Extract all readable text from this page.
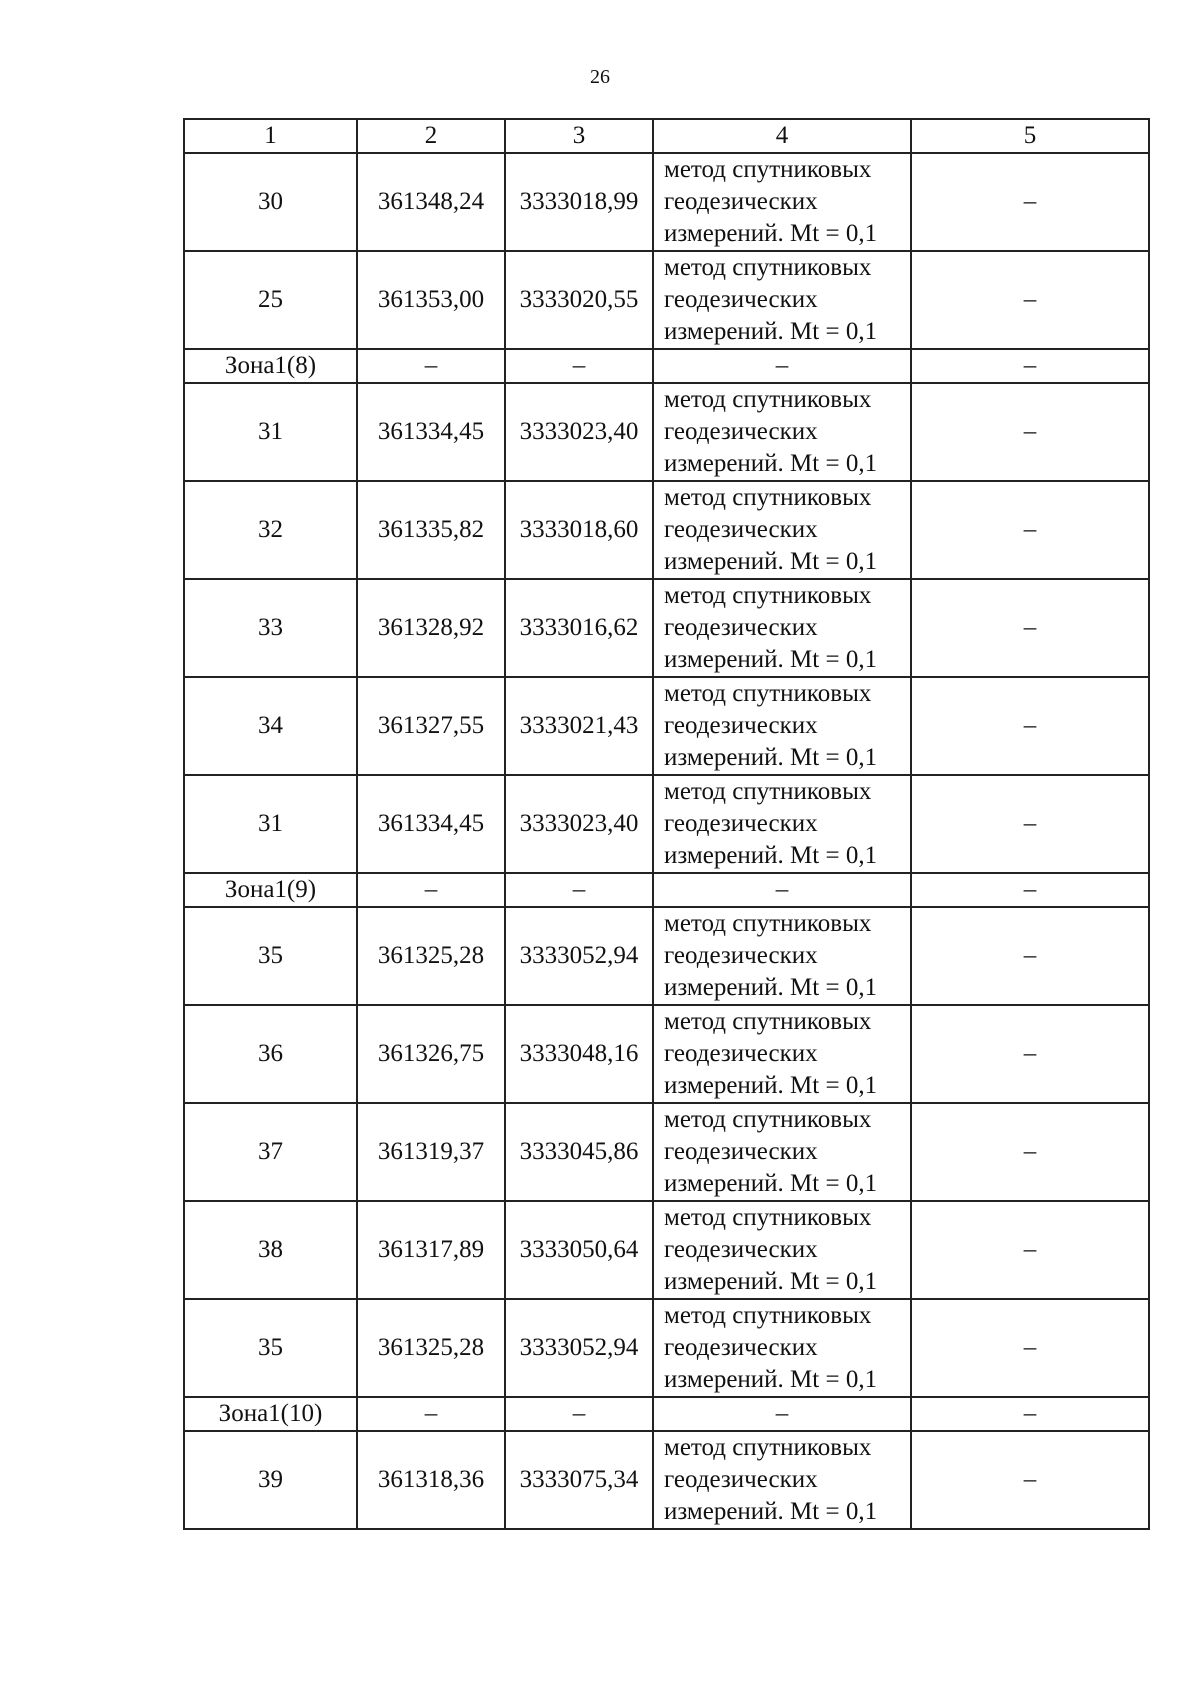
26
1	2	3	4	5
30	361348,24	3333018,99	метод спутниковых
геодезических
измерений. Mt = 0,1	–
25	361353,00	3333020,55	метод спутниковых
геодезических
измерений. Mt = 0,1	–
Зона1(8)	–	–	–	–
31	361334,45	3333023,40	метод спутниковых
геодезических
измерений. Mt = 0,1	–
32	361335,82	3333018,60	метод спутниковых
геодезических
измерений. Mt = 0,1	–
33	361328,92	3333016,62	метод спутниковых
геодезических
измерений. Mt = 0,1	–
34	361327,55	3333021,43	метод спутниковых
геодезических
измерений. Mt = 0,1	–
31	361334,45	3333023,40	метод спутниковых
геодезических
измерений. Mt = 0,1	–
Зона1(9)	–	–	–	–
35	361325,28	3333052,94	метод спутниковых
геодезических
измерений. Mt = 0,1	–
36	361326,75	3333048,16	метод спутниковых
геодезических
измерений. Mt = 0,1	–
37	361319,37	3333045,86	метод спутниковых
геодезических
измерений. Mt = 0,1	–
38	361317,89	3333050,64	метод спутниковых
геодезических
измерений. Mt = 0,1	–
35	361325,28	3333052,94	метод спутниковых
геодезических
измерений. Mt = 0,1	–
Зона1(10)	–	–	–	–
39	361318,36	3333075,34	метод спутниковых
геодезических
измерений. Mt = 0,1	–
